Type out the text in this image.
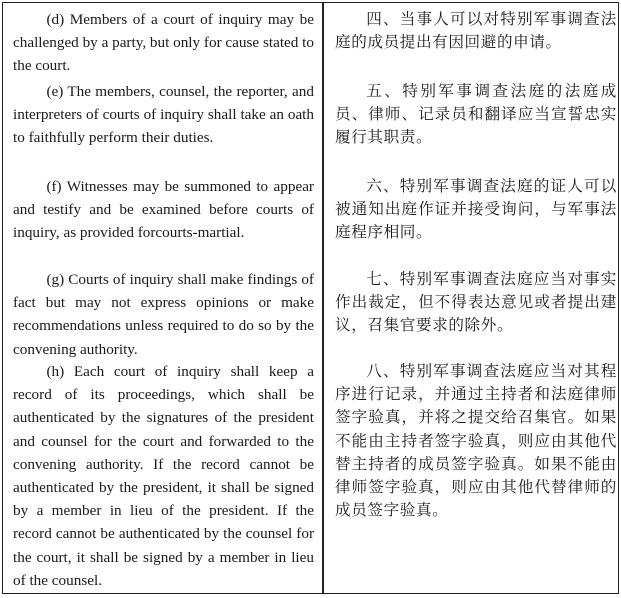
(d) Members of a court of inquiry may be challenged by a party, but only for cause stated to the court.

(e) The members, counsel, the reporter, and interpreters of courts of inquiry shall take an oath to faithfully perform their duties.

(f) Witnesses may be summoned to appear and testify and be examined before courts of inquiry, as provided forcourts-martial.

(g) Courts of inquiry shall make findings of fact but may not express opinions or make recommendations unless required to do so by the convening authority.

(h) Each court of inquiry shall keep a record of its proceedings, which shall be authenticated by the signatures of the president and counsel for the court and forwarded to the convening authority. If the record cannot be authenticated by the president, it shall be signed by a member in lieu of the president. If the record cannot be authenticated by the counsel for the court, it shall be signed by a member in lieu of the counsel.

四、当事人可以对特别军事调查法庭的成员提出有因回避的申请。

五、特别军事调查法庭的法庭成员、律师、记录员和翻译应当宣誓忠实履行其职责。

六、特别军事调查法庭的证人可以被通知出庭作证并接受询问，与军事法庭程序相同。

七、特别军事调查法庭应当对事实作出裁定，但不得表达意见或者提出建议，召集官要求的除外。

八、特别军事调查法庭应当对其程序进行记录，并通过主持者和法庭律师签字验真，并将之提交给召集官。如果不能由主持者签字验真，则应由其他代替主持者的成员签字验真。如果不能由律师签字验真，则应由其他代替律师的成员签字验真。
